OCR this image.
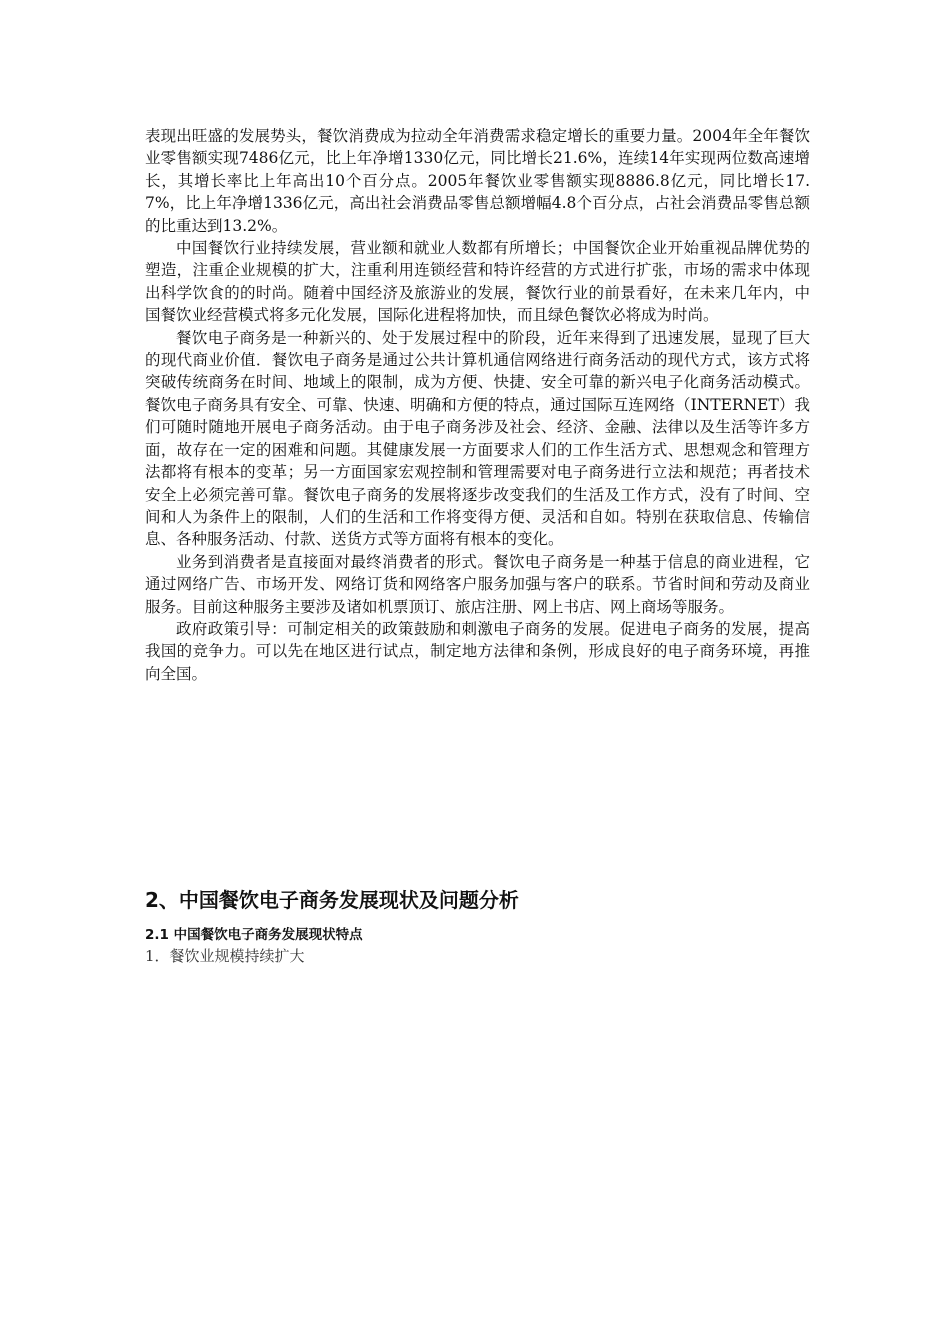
表现出旺盛的发展势头，餐饮消费成为拉动全年消费需求稳定增长的重要力量。2004年全年餐饮业零售额实现7486亿元，比上年净增1330亿元，同比增长21.6%，连续14年实现两位数高速增长，其增长率比上年高出10个百分点。2005年餐饮业零售额实现8886.8亿元，同比增长17.7%，比上年净增1336亿元，高出社会消费品零售总额增幅4.8个百分点，占社会消费品零售总额的比重达到13.2%。

中国餐饮行业持续发展，营业额和就业人数都有所增长；中国餐饮企业开始重视品牌优势的塑造，注重企业规模的扩大，注重利用连锁经营和特许经营的方式进行扩张，市场的需求中体现出科学饮食的的时尚。随着中国经济及旅游业的发展，餐饮行业的前景看好，在未来几年内，中国餐饮业经营模式将多元化发展，国际化进程将加快，而且绿色餐饮必将成为时尚。

餐饮电子商务是一种新兴的、处于发展过程中的阶段，近年来得到了迅速发展，显现了巨大的现代商业价值．餐饮电子商务是通过公共计算机通信网络进行商务活动的现代方式，该方式将突破传统商务在时间、地域上的限制，成为方便、快捷、安全可靠的新兴电子化商务活动模式。餐饮电子商务具有安全、可靠、快速、明确和方便的特点，通过国际互连网络（INTERNET）我们可随时随地开展电子商务活动。由于电子商务涉及社会、经济、金融、法律以及生活等许多方面，故存在一定的困难和问题。其健康发展一方面要求人们的工作生活方式、思想观念和管理方法都将有根本的变革；另一方面国家宏观控制和管理需要对电子商务进行立法和规范；再者技术安全上必须完善可靠。餐饮电子商务的发展将逐步改变我们的生活及工作方式，没有了时间、空间和人为条件上的限制，人们的生活和工作将变得方便、灵活和自如。特别在获取信息、传输信息、各种服务活动、付款、送货方式等方面将有根本的变化。

业务到消费者是直接面对最终消费者的形式。餐饮电子商务是一种基于信息的商业进程，它通过网络广告、市场开发、网络订货和网络客户服务加强与客户的联系。节省时间和劳动及商业服务。目前这种服务主要涉及诸如机票顶订、旅店注册、网上书店、网上商场等服务。

政府政策引导：可制定相关的政策鼓励和刺激电子商务的发展。促进电子商务的发展，提高我国的竞争力。可以先在地区进行试点，制定地方法律和条例，形成良好的电子商务环境，再推向全国。

2、中国餐饮电子商务发展现状及问题分析
2.1 中国餐饮电子商务发展现状特点

1．餐饮业规模持续扩大
